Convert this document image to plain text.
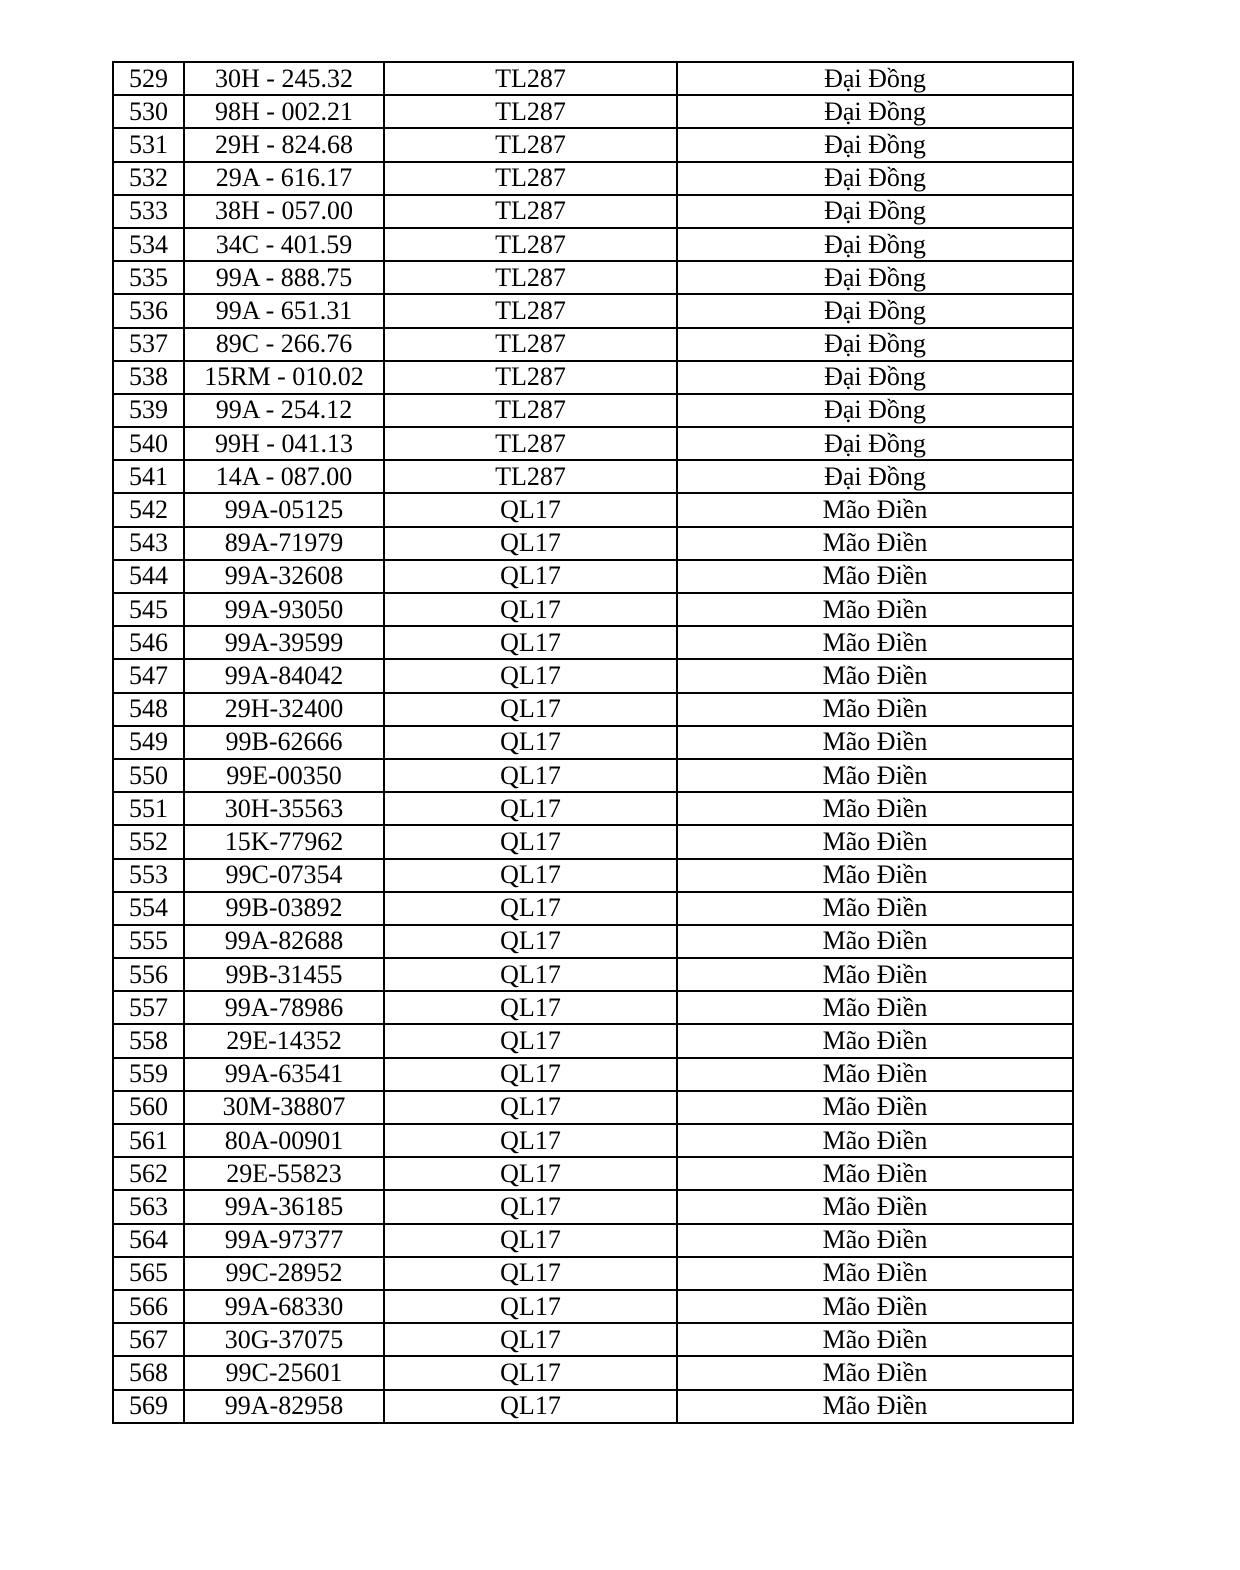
529	30H - 245.32	TL287	Đại Đồng
530	98H - 002.21	TL287	Đại Đồng
531	29H - 824.68	TL287	Đại Đồng
532	29A - 616.17	TL287	Đại Đồng
533	38H - 057.00	TL287	Đại Đồng
534	34C - 401.59	TL287	Đại Đồng
535	99A - 888.75	TL287	Đại Đồng
536	99A - 651.31	TL287	Đại Đồng
537	89C - 266.76	TL287	Đại Đồng
538	15RM - 010.02	TL287	Đại Đồng
539	99A - 254.12	TL287	Đại Đồng
540	99H - 041.13	TL287	Đại Đồng
541	14A - 087.00	TL287	Đại Đồng
542	99A-05125	QL17	Mão Điền
543	89A-71979	QL17	Mão Điền
544	99A-32608	QL17	Mão Điền
545	99A-93050	QL17	Mão Điền
546	99A-39599	QL17	Mão Điền
547	99A-84042	QL17	Mão Điền
548	29H-32400	QL17	Mão Điền
549	99B-62666	QL17	Mão Điền
550	99E-00350	QL17	Mão Điền
551	30H-35563	QL17	Mão Điền
552	15K-77962	QL17	Mão Điền
553	99C-07354	QL17	Mão Điền
554	99B-03892	QL17	Mão Điền
555	99A-82688	QL17	Mão Điền
556	99B-31455	QL17	Mão Điền
557	99A-78986	QL17	Mão Điền
558	29E-14352	QL17	Mão Điền
559	99A-63541	QL17	Mão Điền
560	30M-38807	QL17	Mão Điền
561	80A-00901	QL17	Mão Điền
562	29E-55823	QL17	Mão Điền
563	99A-36185	QL17	Mão Điền
564	99A-97377	QL17	Mão Điền
565	99C-28952	QL17	Mão Điền
566	99A-68330	QL17	Mão Điền
567	30G-37075	QL17	Mão Điền
568	99C-25601	QL17	Mão Điền
569	99A-82958	QL17	Mão Điền
